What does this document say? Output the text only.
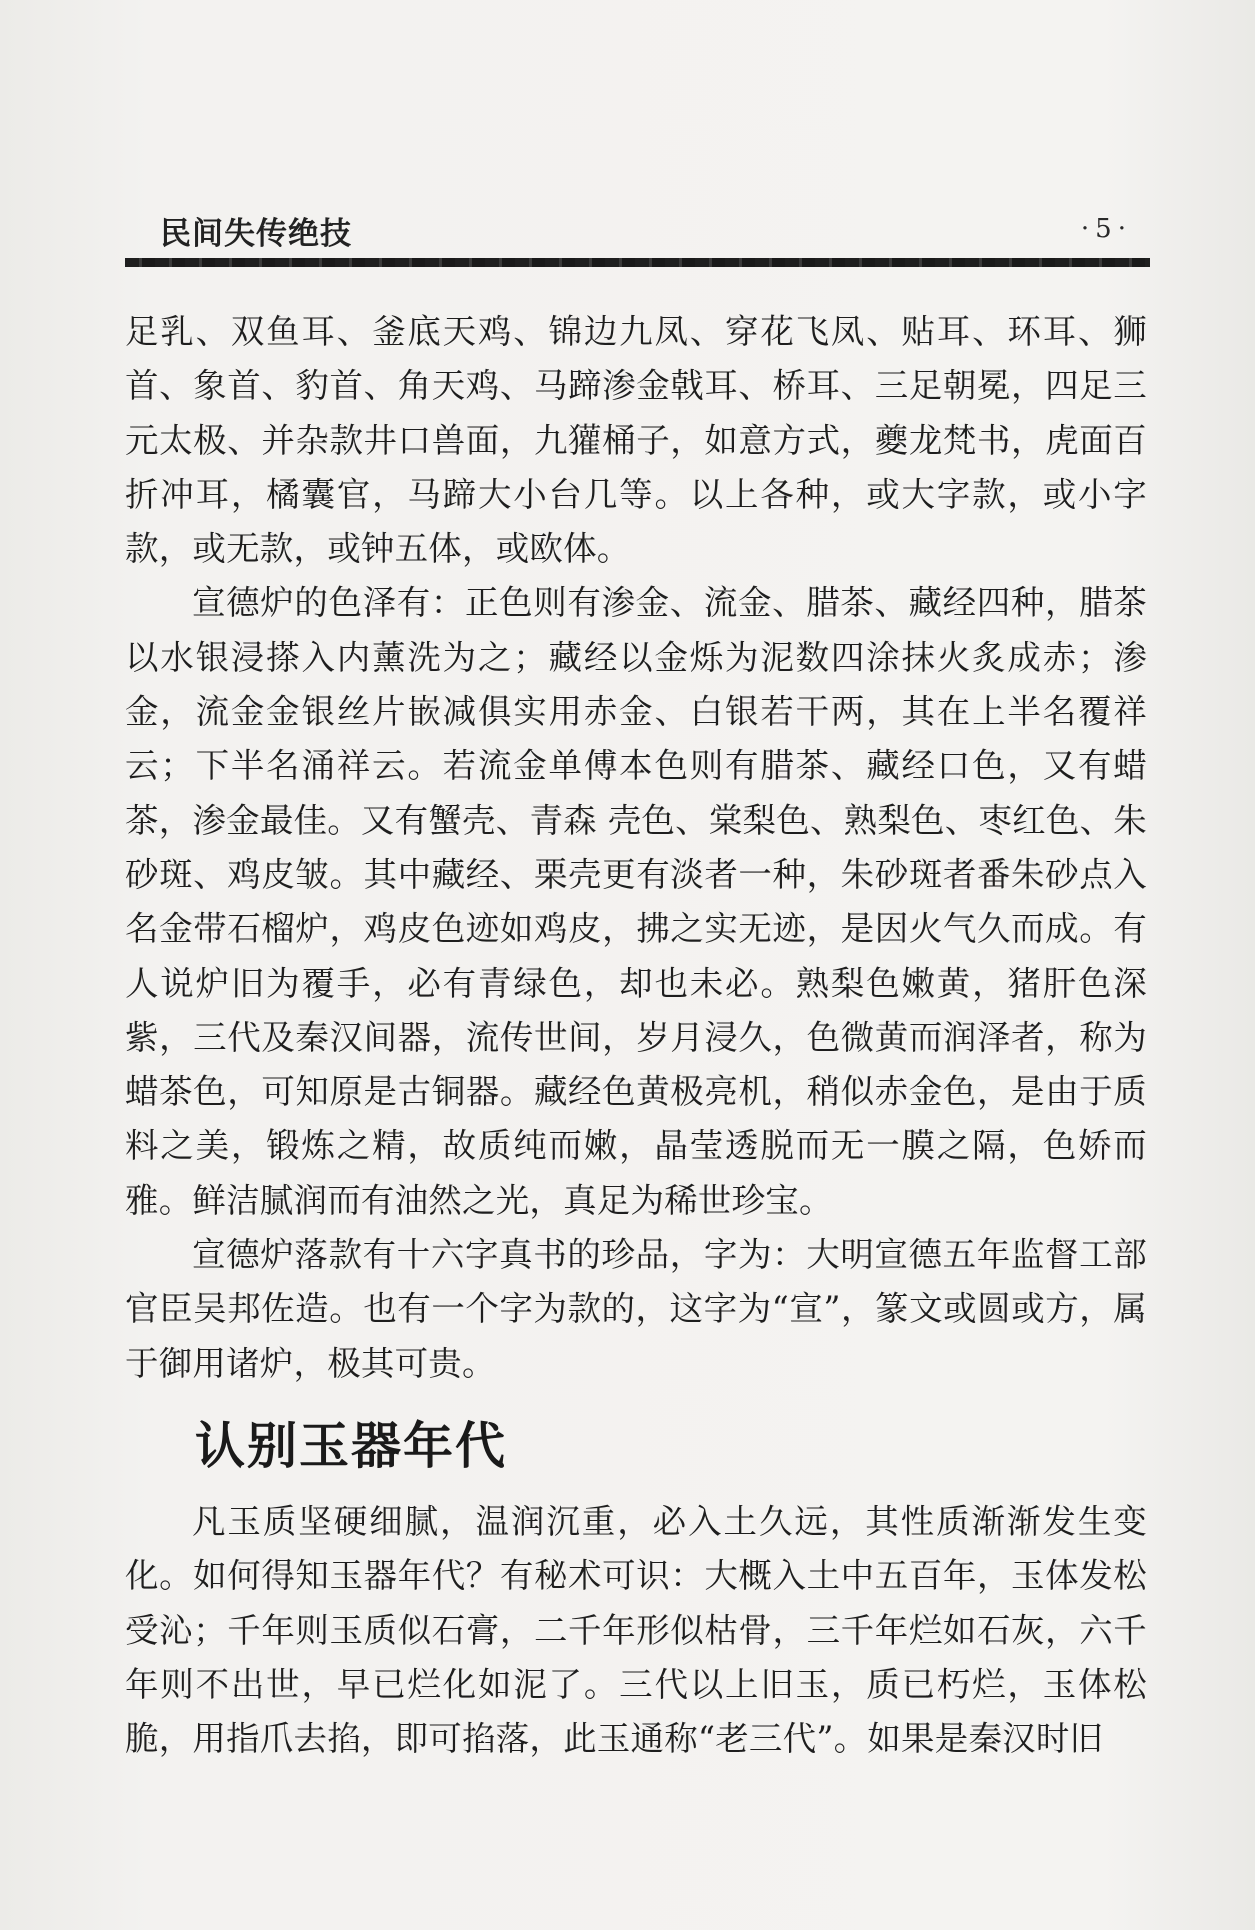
民间失传绝技	·5·

足乳、双鱼耳、釜底天鸡、锦边九凤、穿花飞凤、贴耳、环耳、狮首、象首、豹首、角天鸡、马蹄渗金戟耳、桥耳、三足朝冕，四足三元太极、并杂款井口兽面，九獾桶子，如意方式，夔龙梵书，虎面百折冲耳，橘囊官，马蹄大小台几等。以上各种，或大字款，或小字款，或无款，或钟五体，或欧体。

宣德炉的色泽有：正色则有渗金、流金、腊茶、藏经四种，腊茶以水银浸搽入内薰洗为之；藏经以金烁为泥数四涂抹火炙成赤；渗金，流金金银丝片嵌减俱实用赤金、白银若干两，其在上半名覆祥云；下半名涌祥云。若流金单傅本色则有腊茶、藏经口色，又有蜡茶，渗金最佳。又有蟹壳、青森 壳色、棠梨色、熟梨色、枣红色、朱砂斑、鸡皮皱。其中藏经、栗壳更有淡者一种，朱砂斑者番朱砂点入名金带石榴炉，鸡皮色迹如鸡皮，拂之实无迹，是因火气久而成。有人说炉旧为覆手，必有青绿色，却也未必。熟梨色嫩黄，猪肝色深紫，三代及秦汉间器，流传世间，岁月浸久，色微黄而润泽者，称为蜡茶色，可知原是古铜器。藏经色黄极亮机，稍似赤金色，是由于质料之美，锻炼之精，故质纯而嫩，晶莹透脱而无一膜之隔，色娇而雅。鲜洁腻润而有油然之光，真足为稀世珍宝。

宣德炉落款有十六字真书的珍品，字为：大明宣德五年监督工部官臣吴邦佐造。也有一个字为款的，这字为“宣”，篆文或圆或方，属于御用诸炉，极其可贵。

认别玉器年代

凡玉质坚硬细腻，温润沉重，必入土久远，其性质渐渐发生变化。如何得知玉器年代？有秘术可识：大概入土中五百年，玉体发松受沁；千年则玉质似石膏，二千年形似枯骨，三千年烂如石灰，六千年则不出世，早已烂化如泥了。三代以上旧玉，质已朽烂，玉体松脆，用指爪去掐，即可掐落，此玉通称“老三代”。如果是秦汉时旧
